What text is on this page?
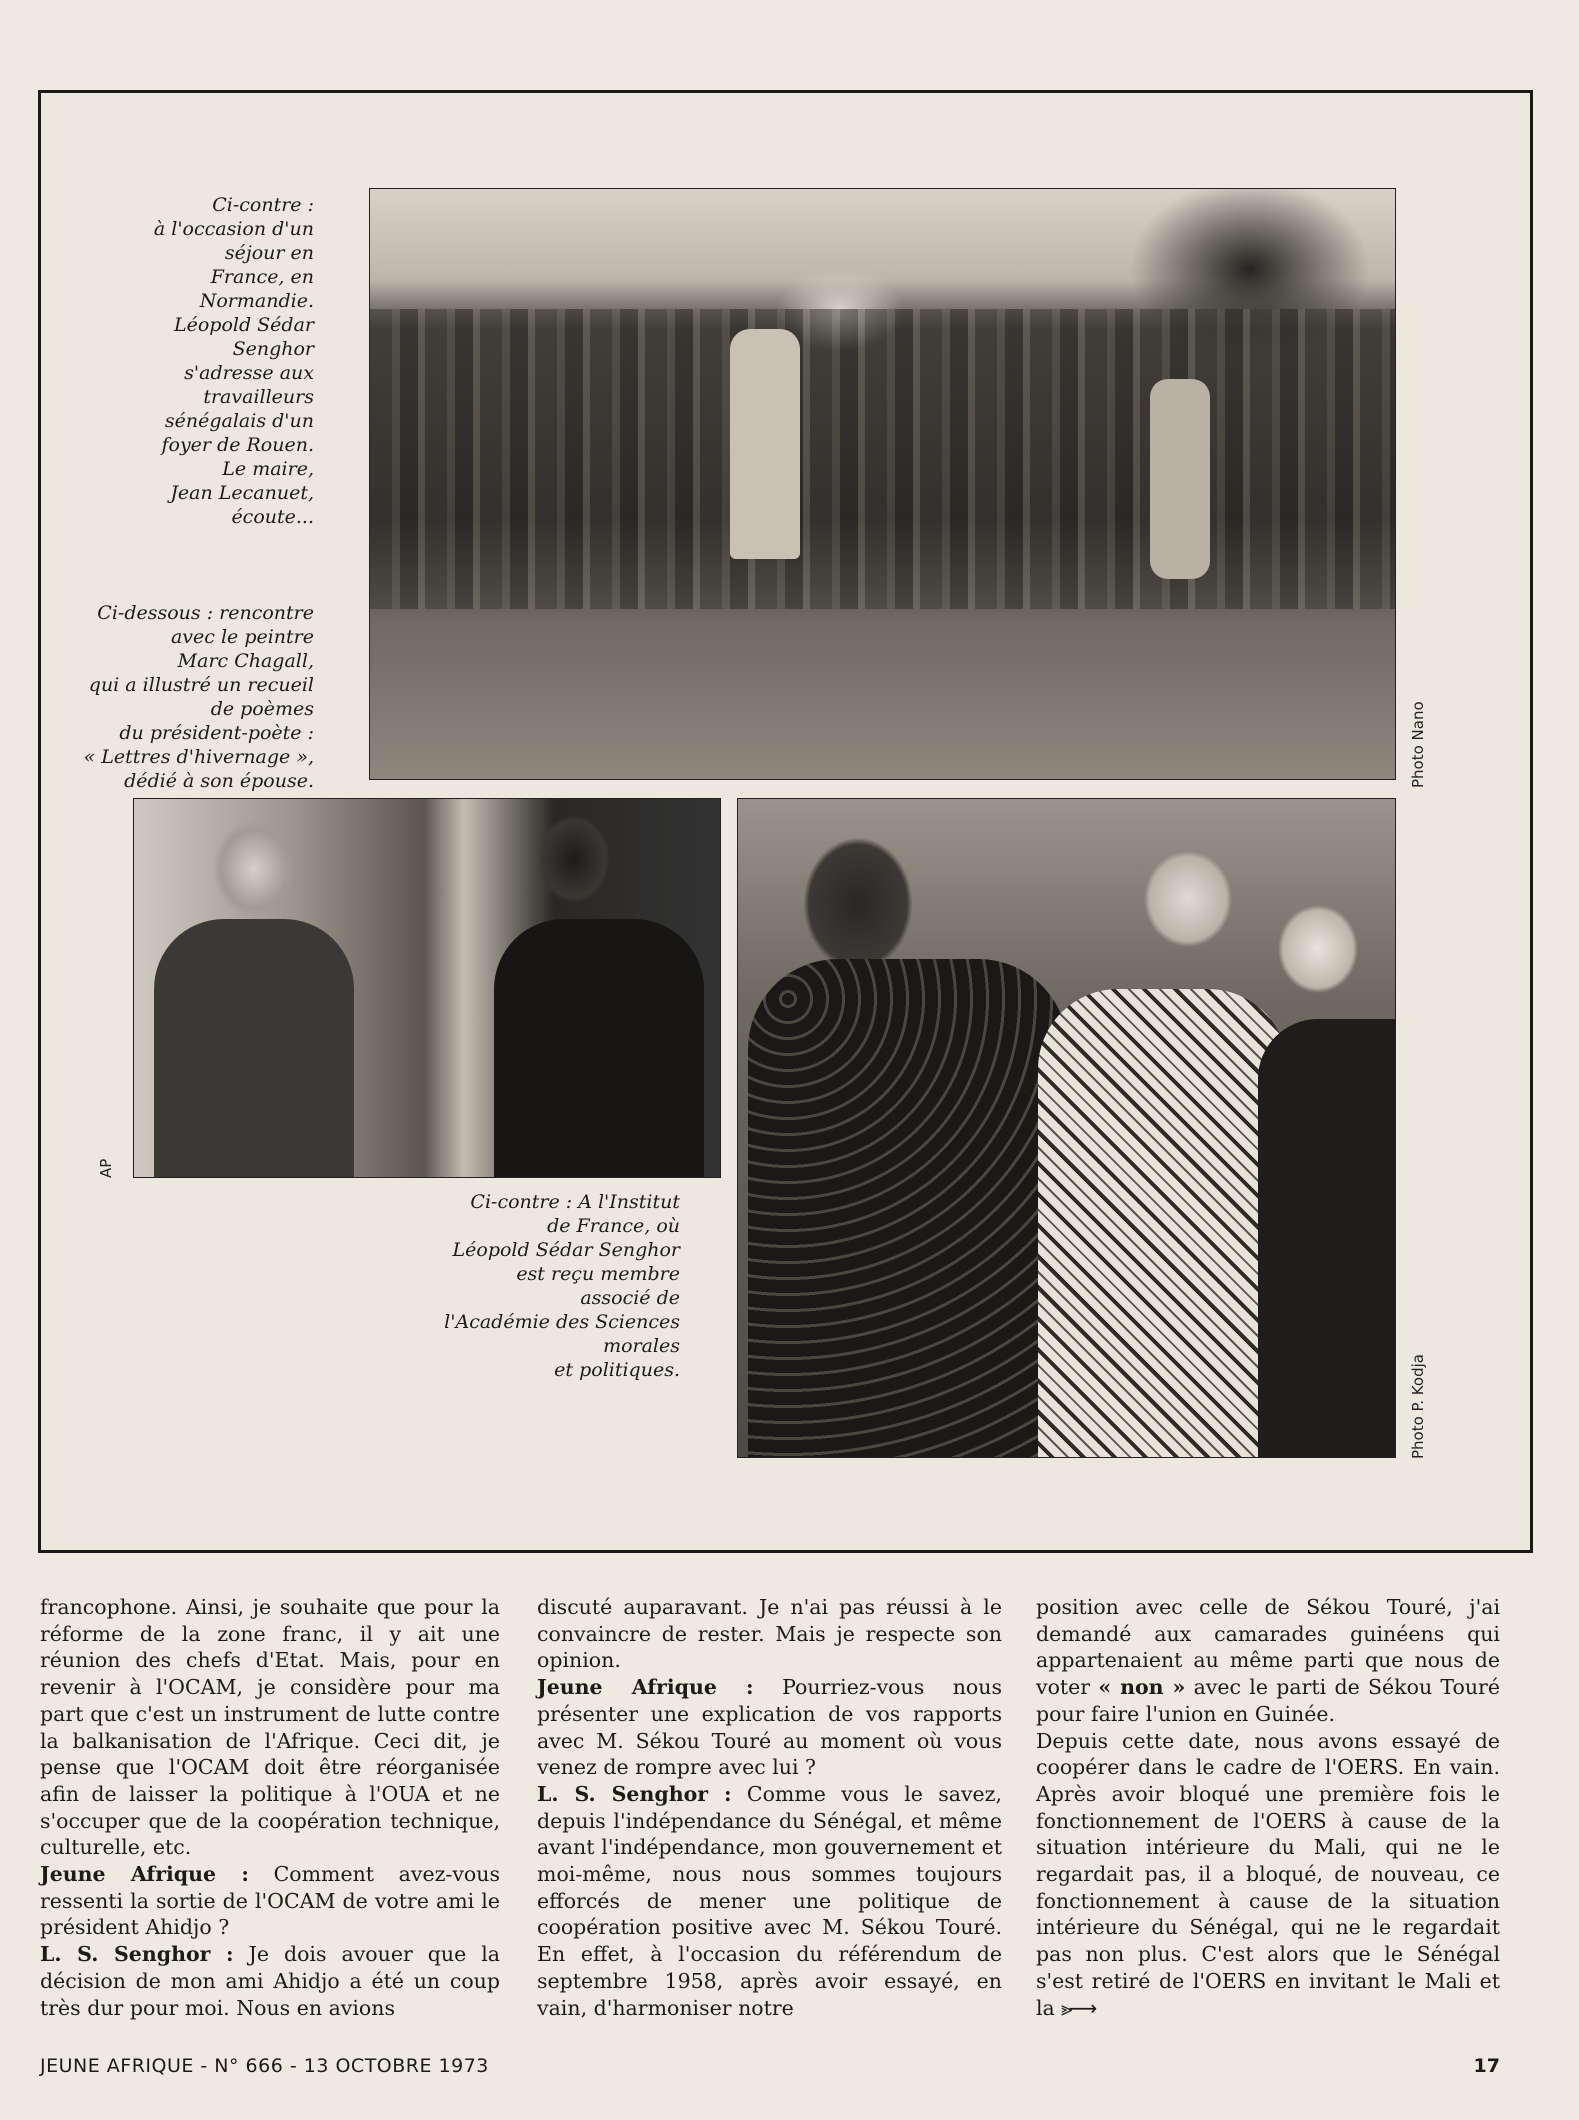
Ci-contre :
à l'occasion d'un
séjour en
France, en
Normandie.
Léopold Sédar
Senghor
s'adresse aux
travailleurs
sénégalais d'un
foyer de Rouen.
Le maire,
Jean Lecanuet,
écoute...
Ci-dessous : rencontre
avec le peintre
Marc Chagall,
qui a illustré un recueil
de poèmes
du président-poète :
« Lettres d'hivernage »,
dédié à son épouse.
Ci-contre : A l'Institut
de France, où
Léopold Sédar Senghor
est reçu membre
associé de
l'Académie des Sciences
morales
et politiques.
Photo Nano
AP
Photo P. Kodja

francophone. Ainsi, je souhaite que pour la réforme de la zone franc, il y ait une réunion des chefs d'Etat. Mais, pour en revenir à l'OCAM, je considère pour ma part que c'est un instrument de lutte contre la balkanisation de l'Afrique. Ceci dit, je pense que l'OCAM doit être réorganisée afin de laisser la politique à l'OUA et ne s'occuper que de la coopération technique, culturelle, etc.

Jeune Afrique : Comment avez-vous ressenti la sortie de l'OCAM de votre ami le président Ahidjo ?

L. S. Senghor : Je dois avouer que la décision de mon ami Ahidjo a été un coup très dur pour moi. Nous en avions

discuté auparavant. Je n'ai pas réussi à le convaincre de rester. Mais je respecte son opinion.

Jeune Afrique : Pourriez-vous nous présenter une explication de vos rapports avec M. Sékou Touré au moment où vous venez de rompre avec lui ?

L. S. Senghor : Comme vous le savez, depuis l'indépendance du Sénégal, et même avant l'indépendance, mon gouvernement et moi-même, nous nous sommes toujours efforcés de mener une politique de coopération positive avec M. Sékou Touré. En effet, à l'occasion du référendum de septembre 1958, après avoir essayé, en vain, d'harmoniser notre

position avec celle de Sékou Touré, j'ai demandé aux camarades guinéens qui appartenaient au même parti que nous de voter « non » avec le parti de Sékou Touré pour faire l'union en Guinée.

Depuis cette date, nous avons essayé de coopérer dans le cadre de l'OERS. En vain. Après avoir bloqué une première fois le fonctionnement de l'OERS à cause de la situation intérieure du Mali, qui ne le regardait pas, il a bloqué, de nouveau, ce fonctionnement à cause de la situation intérieure du Sénégal, qui ne le regardait pas non plus. C'est alors que le Sénégal s'est retiré de l'OERS en invitant le Mali et la ⪢⟶

JEUNE AFRIQUE - N° 666 - 13 OCTOBRE 1973	17
